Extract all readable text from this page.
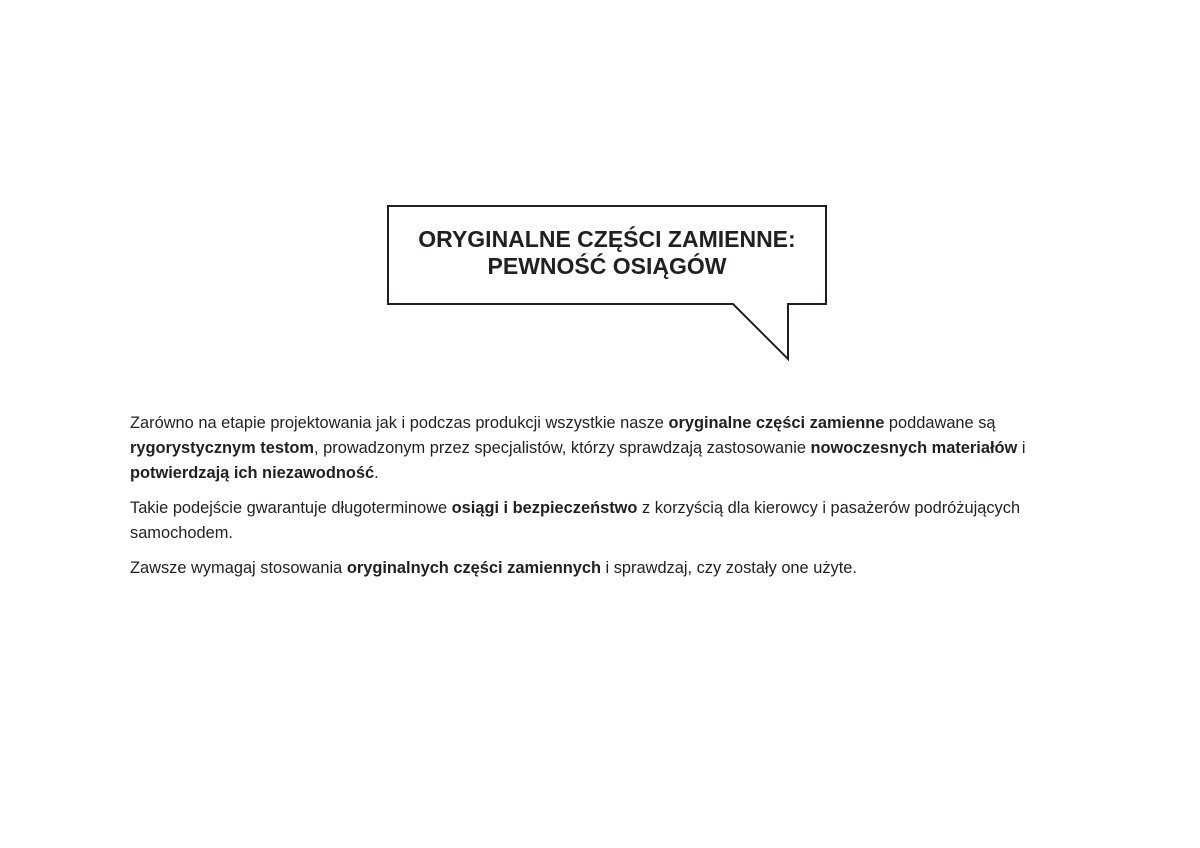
ORYGINALNE CZĘŚCI ZAMIENNE:
PEWNOŚĆ OSIĄGÓW

Zarówno na etapie projektowania jak i podczas produkcji wszystkie nasze oryginalne części zamienne poddawane są rygorystycznym testom, prowadzonym przez specjalistów, którzy sprawdzają zastosowanie nowoczesnych materiałów i potwierdzają ich niezawodność.

Takie podejście gwarantuje długoterminowe osiągi i bezpieczeństwo z korzyścią dla kierowcy i pasażerów podróżujących samochodem.

Zawsze wymagaj stosowania oryginalnych części zamiennych i sprawdzaj, czy zostały one użyte.
